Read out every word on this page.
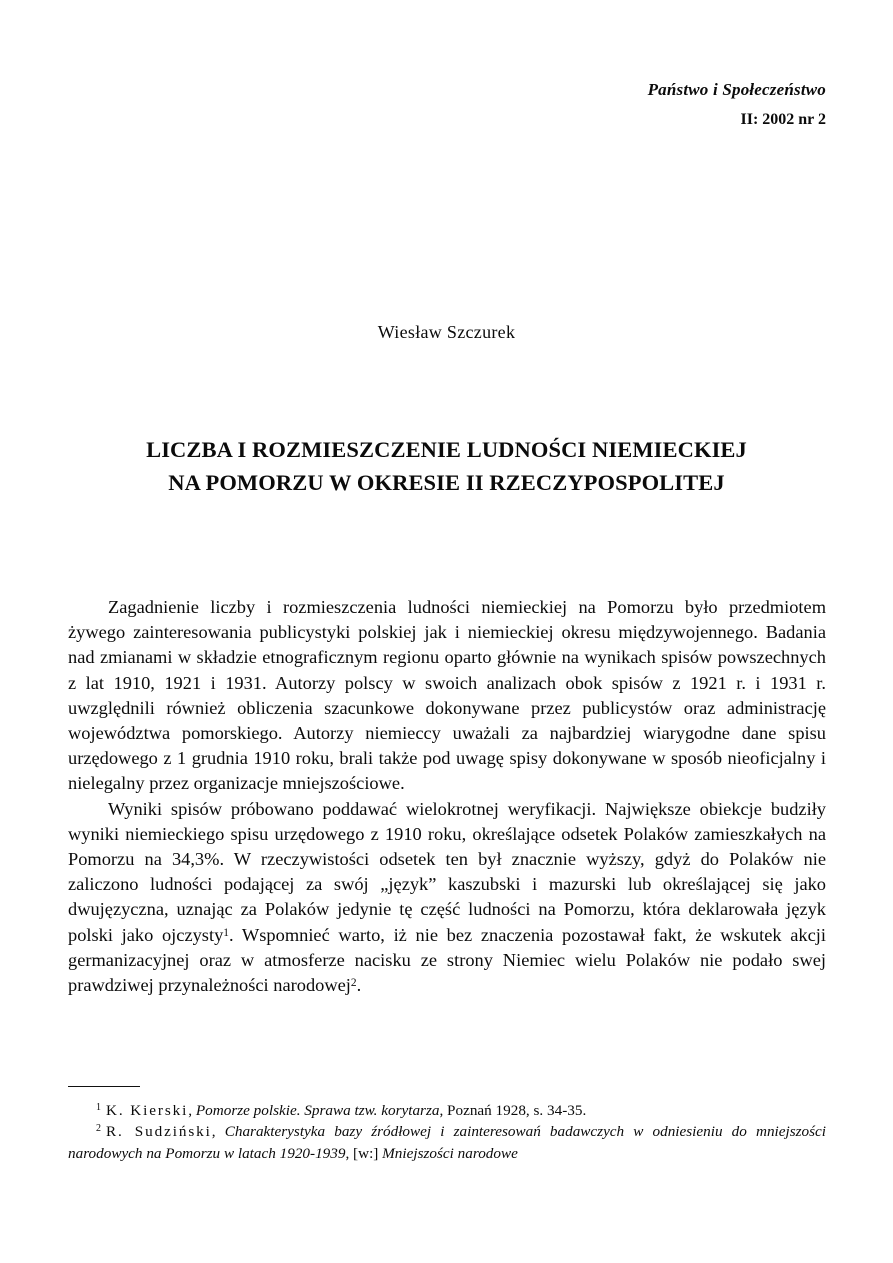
Państwo i Społeczeństwo
II: 2002 nr 2
Wiesław Szczurek
LICZBA I ROZMIESZCZENIE LUDNOŚCI NIEMIECKIEJ
NA POMORZU W OKRESIE II RZECZYPOSPOLITEJ

Zagadnienie liczby i rozmieszczenia ludności niemieckiej na Pomorzu było przedmiotem żywego zainteresowania publicystyki polskiej jak i niemieckiej okresu międzywojennego. Badania nad zmianami w składzie etnograficznym regionu oparto głównie na wynikach spisów powszechnych z lat 1910, 1921 i 1931. Autorzy polscy w swoich analizach obok spisów z 1921 r. i 1931 r. uwzględnili również obliczenia szacunkowe dokonywane przez publicystów oraz administrację województwa pomorskiego. Autorzy niemieccy uważali za najbardziej wiarygodne dane spisu urzędowego z 1 grudnia 1910 roku, brali także pod uwagę spisy dokonywane w sposób nieoficjalny i nielegalny przez organizacje mniejszościowe.

Wyniki spisów próbowano poddawać wielokrotnej weryfikacji. Największe obiekcje budziły wyniki niemieckiego spisu urzędowego z 1910 roku, określające odsetek Polaków zamieszkałych na Pomorzu na 34,3%. W rzeczywistości odsetek ten był znacznie wyższy, gdyż do Polaków nie zaliczono ludności podającej za swój „język” kaszubski i mazurski lub określającej się jako dwujęzyczna, uznając za Polaków jedynie tę część ludności na Pomorzu, która deklarowała język polski jako ojczysty$^1$. Wspomnieć warto, iż nie bez znaczenia pozostawał fakt, że wskutek akcji germanizacyjnej oraz w atmosferze nacisku ze strony Niemiec wielu Polaków nie podało swej prawdziwej przynależności narodowej$^2$.

$^1$ K. Kierski, Pomorze polskie. Sprawa tzw. korytarza, Poznań 1928, s. 34-35.

$^2$ R. Sudziński, Charakterystyka bazy źródłowej i zainteresowań badawczych w odniesieniu do mniejszości narodowych na Pomorzu w latach 1920-1939, [w:] Mniejszości narodowe
